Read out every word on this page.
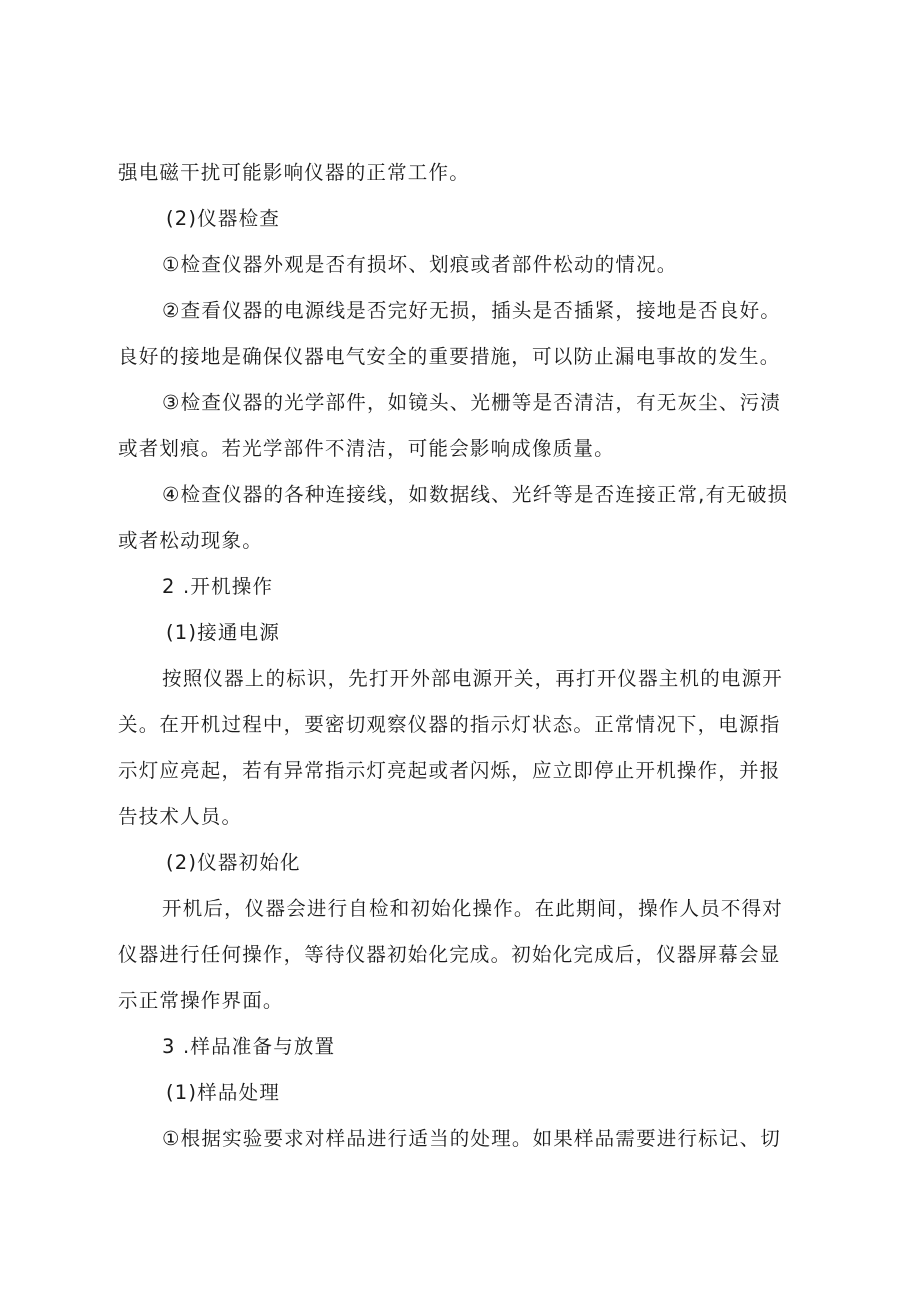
强电磁干扰可能影响仪器的正常工作。

(2)仪器检查

①检查仪器外观是否有损坏、划痕或者部件松动的情况。

②查看仪器的电源线是否完好无损，插头是否插紧，接地是否良好。

良好的接地是确保仪器电气安全的重要措施，可以防止漏电事故的发生。

③检查仪器的光学部件，如镜头、光栅等是否清洁，有无灰尘、污渍

或者划痕。若光学部件不清洁，可能会影响成像质量。

④检查仪器的各种连接线，如数据线、光纤等是否连接正常,有无破损

或者松动现象。

2 .开机操作

(1)接通电源

按照仪器上的标识，先打开外部电源开关，再打开仪器主机的电源开

关。在开机过程中，要密切观察仪器的指示灯状态。正常情况下，电源指

示灯应亮起，若有异常指示灯亮起或者闪烁，应立即停止开机操作，并报

告技术人员。

(2)仪器初始化

开机后，仪器会进行自检和初始化操作。在此期间，操作人员不得对

仪器进行任何操作，等待仪器初始化完成。初始化完成后，仪器屏幕会显

示正常操作界面。

3 .样品准备与放置

(1)样品处理

①根据实验要求对样品进行适当的处理。如果样品需要进行标记、切
